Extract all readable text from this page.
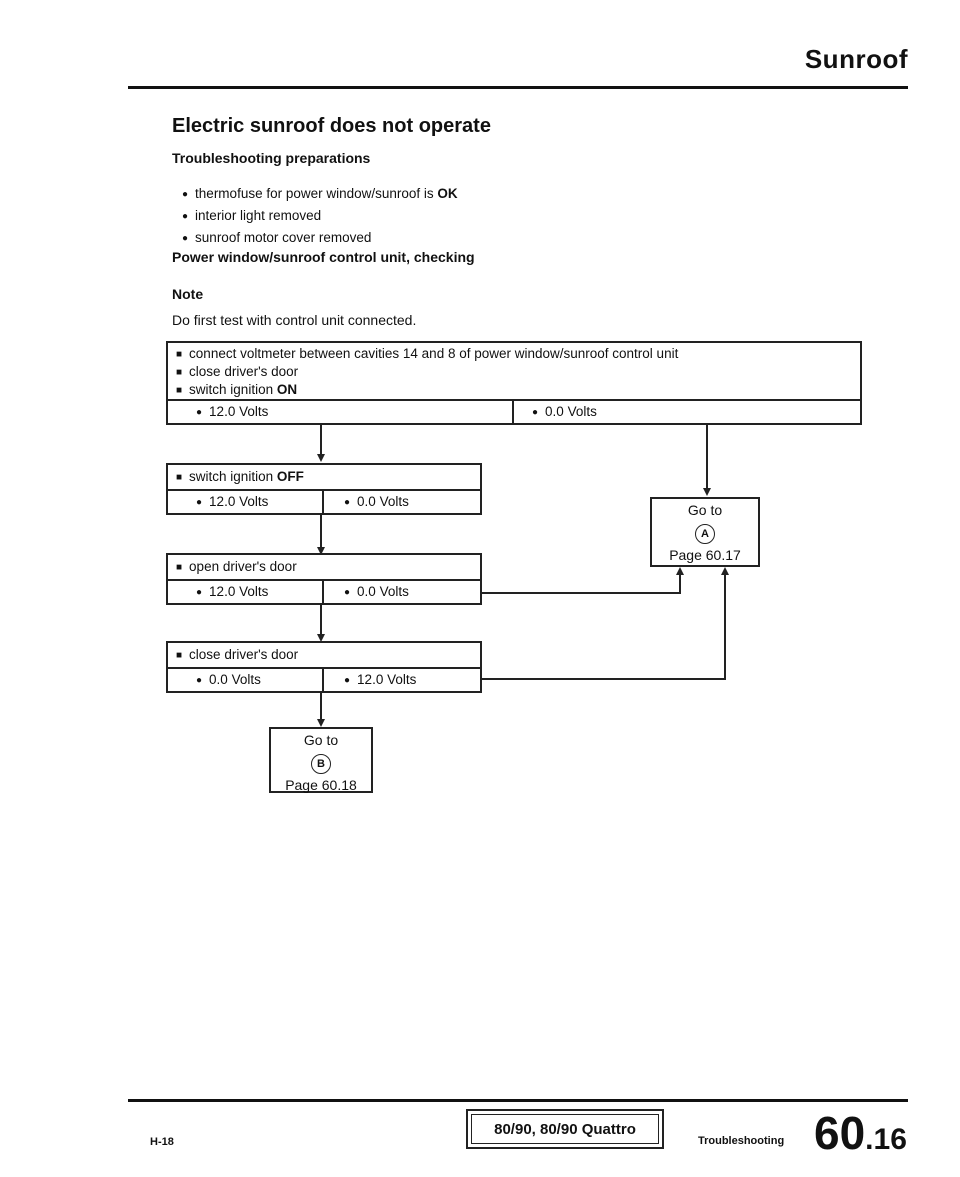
Sunroof
Electric sunroof does not operate
Troubleshooting preparations
● thermofuse for power window/sunroof is OK
● interior light removed
● sunroof motor cover removed
Power window/sunroof control unit, checking
Note
Do first test with control unit connected.
■ connect voltmeter between cavities 14 and 8 of power window/sunroof control unit
■ close driver's door
■ switch ignition ON
● 12.0 Volts	● 0.0 Volts
■ switch ignition OFF
● 12.0 Volts	● 0.0 Volts
■ open driver's door
● 12.0 Volts	● 0.0 Volts
■ close driver's door
● 0.0 Volts	● 12.0 Volts
Go to
A
Page 60.17
Go to
B
Page 60.18
H-18
80/90, 80/90 Quattro
Troubleshooting 60.16
